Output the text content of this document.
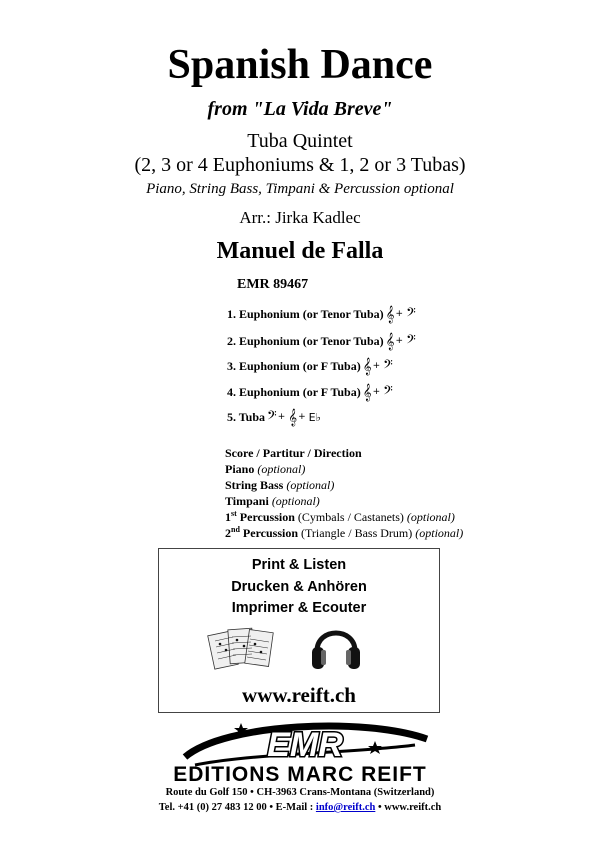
Spanish Dance
from "La Vida Breve"
Tuba Quintet
(2, 3 or 4 Euphoniums & 1, 2 or 3 Tubas)
Piano, String Bass, Timpani & Percussion optional
Arr.: Jirka Kadlec
Manuel de Falla
EMR 89467
1. Euphonium (or Tenor Tuba) 𝄞 + 𝄢
2. Euphonium (or Tenor Tuba) 𝄞 + 𝄢
3. Euphonium (or F Tuba) 𝄞 + 𝄢
4. Euphonium (or F Tuba) 𝄞 + 𝄢
5. Tuba 𝄢 + 𝄞 + E♭
Score / Partitur / Direction
Piano (optional)
String Bass (optional)
Timpani (optional)
1st Percussion (Cymbals / Castanets) (optional)
2nd Percussion (Triangle / Bass Drum) (optional)
Print & Listen
Drucken & Anhören
Imprimer & Ecouter
www.reift.ch
EMR
EDITIONS MARC REIFT
Route du Golf 150 • CH-3963 Crans-Montana (Switzerland)
Tel. +41 (0) 27 483 12 00 • E-Mail : info@reift.ch • www.reift.ch
